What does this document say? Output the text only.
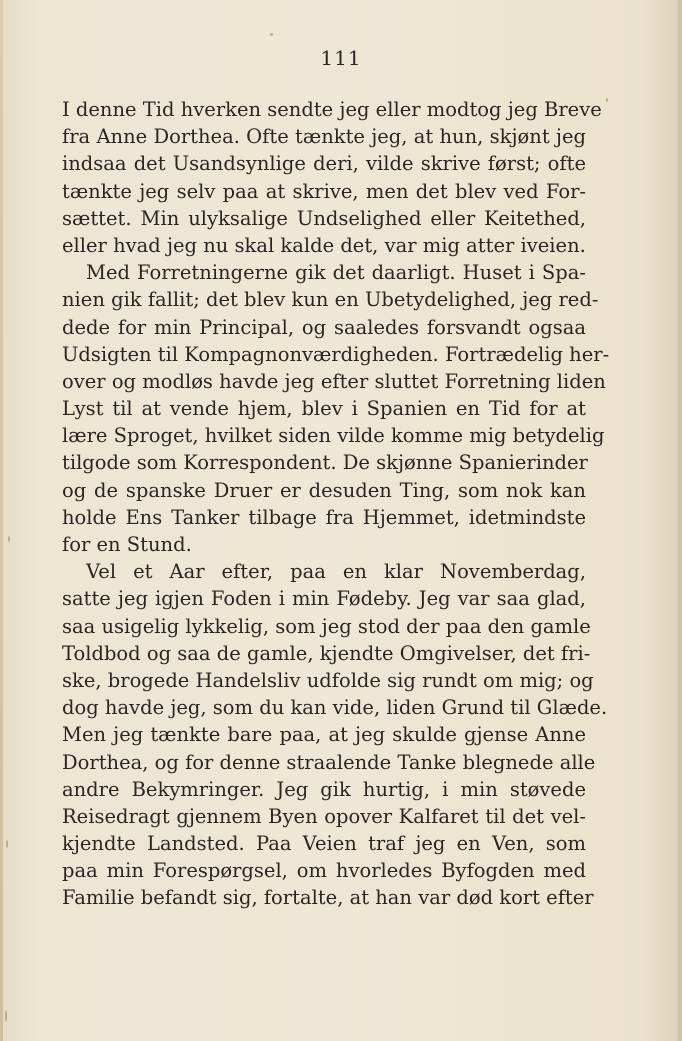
111
I denne Tid hverken sendte jeg eller modtog jeg Breve
fra Anne Dorthea. Ofte tænkte jeg, at hun, skjønt jeg
indsaa det Usandsynlige deri, vilde skrive først; ofte
tænkte jeg selv paa at skrive, men det blev ved For-
sættet. Min ulyksalige Undselighed eller Keitethed,
eller hvad jeg nu skal kalde det, var mig atter iveien.
Med Forretningerne gik det daarligt. Huset i Spa-
nien gik fallit; det blev kun en Ubetydelighed, jeg red-
dede for min Principal, og saaledes forsvandt ogsaa
Udsigten til Kompagnonværdigheden. Fortrædelig her-
over og modløs havde jeg efter sluttet Forretning liden
Lyst til at vende hjem, blev i Spanien en Tid for at
lære Sproget, hvilket siden vilde komme mig betydelig
tilgode som Korrespondent. De skjønne Spanierinder
og de spanske Druer er desuden Ting, som nok kan
holde Ens Tanker tilbage fra Hjemmet, idetmindste
for en Stund.
Vel et Aar efter, paa en klar Novemberdag,
satte jeg igjen Foden i min Fødeby. Jeg var saa glad,
saa usigelig lykkelig, som jeg stod der paa den gamle
Toldbod og saa de gamle, kjendte Omgivelser, det fri-
ske, brogede Handelsliv udfolde sig rundt om mig; og
dog havde jeg, som du kan vide, liden Grund til Glæde.
Men jeg tænkte bare paa, at jeg skulde gjense Anne
Dorthea, og for denne straalende Tanke blegnede alle
andre Bekymringer. Jeg gik hurtig, i min støvede
Reisedragt gjennem Byen opover Kalfaret til det vel-
kjendte Landsted. Paa Veien traf jeg en Ven, som
paa min Forespørgsel, om hvorledes Byfogden med
Familie befandt sig, fortalte, at han var død kort efter
